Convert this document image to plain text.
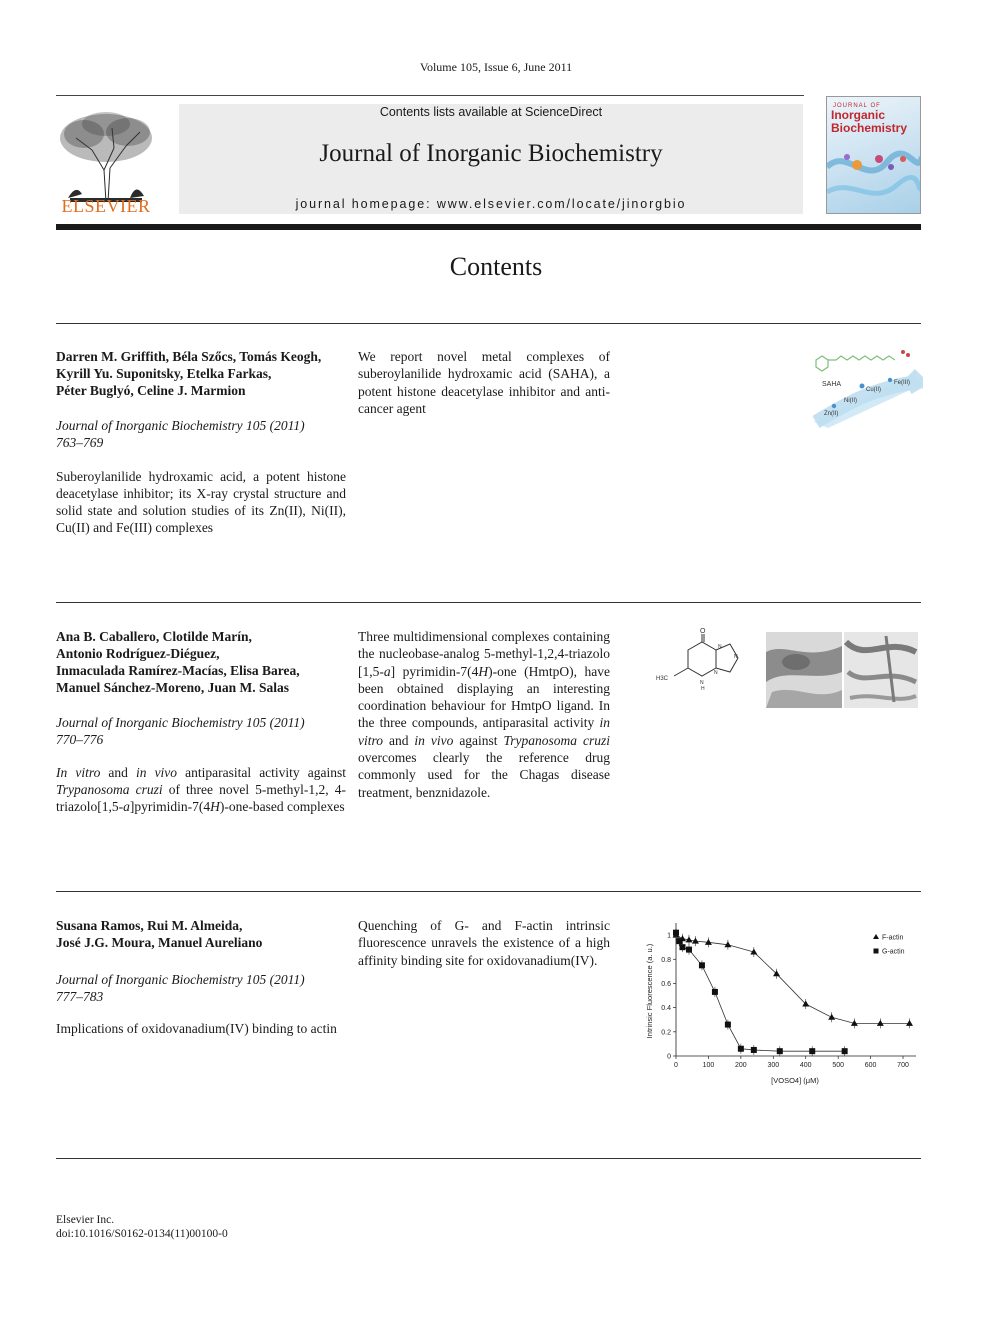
Volume 105, Issue 6, June 2011
ELSEVIER
Contents lists available at ScienceDirect
Journal of Inorganic Biochemistry
journal homepage: www.elsevier.com/locate/jinorgbio
JOURNAL OF
Inorganic
Biochemistry
Contents
Darren M. Griffith, Béla Szőcs, Tomás Keogh,
Kyrill Yu. Suponitsky, Etelka Farkas,
Péter Buglyó, Celine J. Marmion
Journal of Inorganic Biochemistry 105 (2011)
763–769
Suberoylanilide hydroxamic acid, a potent histone deacetylase inhibitor; its X-ray crystal structure and solid state and solution studies of its Zn(II), Ni(II), Cu(II) and Fe(III) complexes
We report novel metal complexes of suberoylanilide hydroxamic acid (SAHA), a potent histone deacetylase inhibitor and anti-cancer agent
SAHA
Ni(II)
Zn(II)
Cu(II)
Fe(III)
Ana B. Caballero, Clotilde Marín,
Antonio Rodríguez-Diéguez,
Inmaculada Ramírez-Macías, Elisa Barea,
Manuel Sánchez-Moreno, Juan M. Salas
Journal of Inorganic Biochemistry 105 (2011)
770–776
In vitro and in vivo antiparasital activity against Trypanosoma cruzi of three novel 5-methyl-1,2, 4-triazolo[1,5-a]pyrimidin-7(4H)-one-based complexes
Three multidimensional complexes containing the nucleobase-analog 5-methyl-1,2,4-triazolo [1,5-a] pyrimidin-7(4H)-one (HmtpO), have been obtained displaying an interesting coordination behaviour for HmtpO ligand. In the three compounds, antiparasital activity in vitro and in vivo against Trypanosoma cruzi overcomes clearly the reference drug commonly used for the Chagas disease treatment, benznidazole.
O
H3C
N
N
N
N
H
Susana Ramos, Rui M. Almeida,
José J.G. Moura, Manuel Aureliano
Journal of Inorganic Biochemistry 105 (2011)
777–783
Implications of oxidovanadium(IV) binding to actin
Quenching of G- and F-actin intrinsic fluorescence unravels the existence of a high affinity binding site for oxidovanadium(IV).
0	100	200	300	400	500	600	700
0
0.2
0.4
0.6
0.8
1	F-actin
G-actin
[VOSO4] (μM)
Intrinsic Fluorescence (a. u.)
Elsevier Inc.
doi:10.1016/S0162-0134(11)00100-0
